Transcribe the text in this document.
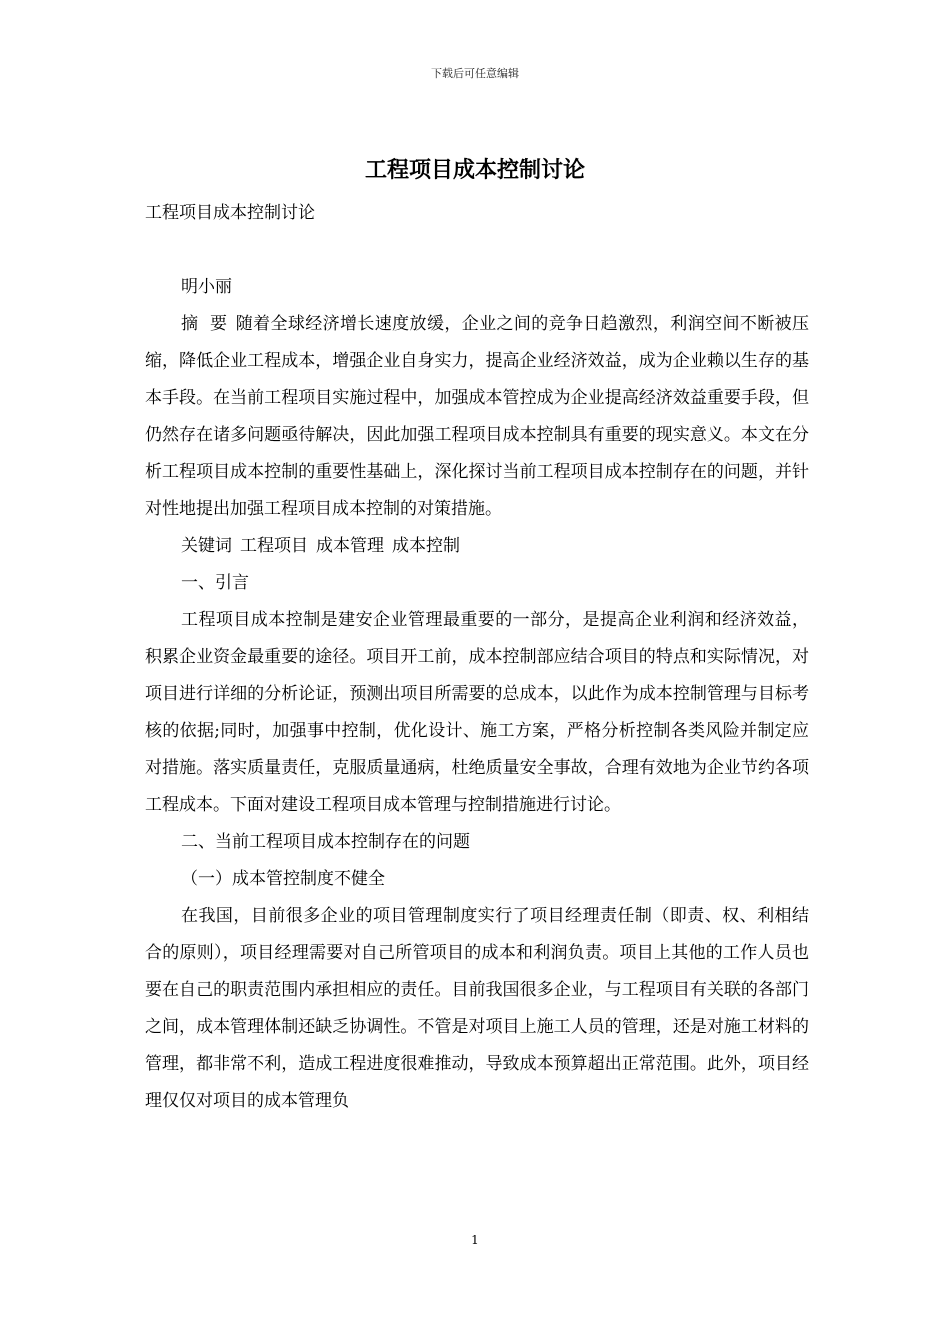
下载后可任意编辑
工程项目成本控制讨论

工程项目成本控制讨论

明小丽

摘  要 随着全球经济增长速度放缓，企业之间的竞争日趋激烈，利润空间不断被压缩，降低企业工程成本，增强企业自身实力，提高企业经济效益，成为企业赖以生存的基本手段。在当前工程项目实施过程中，加强成本管控成为企业提高经济效益重要手段，但仍然存在诸多问题亟待解决，因此加强工程项目成本控制具有重要的现实意义。本文在分析工程项目成本控制的重要性基础上，深化探讨当前工程项目成本控制存在的问题，并针对性地提出加强工程项目成本控制的对策措施。

关键词 工程项目 成本管理 成本控制

一、引言

工程项目成本控制是建安企业管理最重要的一部分，是提高企业利润和经济效益，积累企业资金最重要的途径。项目开工前，成本控制部应结合项目的特点和实际情况，对项目进行详细的分析论证，预测出项目所需要的总成本，以此作为成本控制管理与目标考核的依据;同时，加强事中控制，优化设计、施工方案，严格分析控制各类风险并制定应对措施。落实质量责任，克服质量通病，杜绝质量安全事故，合理有效地为企业节约各项工程成本。下面对建设工程项目成本管理与控制措施进行讨论。

二、当前工程项目成本控制存在的问题

（一）成本管控制度不健全

在我国，目前很多企业的项目管理制度实行了项目经理责任制（即责、权、利相结合的原则），项目经理需要对自己所管项目的成本和利润负责。项目上其他的工作人员也要在自己的职责范围内承担相应的责任。目前我国很多企业，与工程项目有关联的各部门之间，成本管理体制还缺乏协调性。不管是对项目上施工人员的管理，还是对施工材料的管理，都非常不利，造成工程进度很难推动，导致成本预算超出正常范围。此外，项目经理仅仅对项目的成本管理负

1
